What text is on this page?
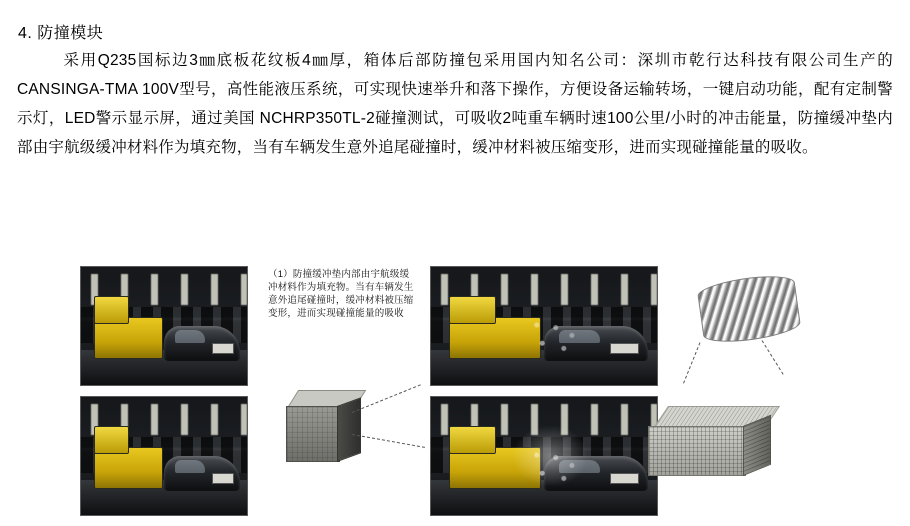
4. 防撞模块
采用Q235国标边3㎜底板花纹板4㎜厚，箱体后部防撞包采用国内知名公司：深圳市乾行达科技有限公司生产的CANSINGA-TMA 100V型号，高性能液压系统，可实现快速举升和落下操作，方便设备运输转场，一键启动功能，配有定制警示灯，LED警示显示屏，通过美国 NCHRP350TL-2碰撞测试，可吸收2吨重车辆时速100公里/小时的冲击能量，防撞缓冲垫内部由宇航级缓冲材料作为填充物，当有车辆发生意外追尾碰撞时，缓冲材料被压缩变形，进而实现碰撞能量的吸收。
（1）防撞缓冲垫内部由宇航级缓冲材料作为填充物。当有车辆发生意外追尾碰撞时，缓冲材料被压缩变形，进而实现碰撞能量的吸收
